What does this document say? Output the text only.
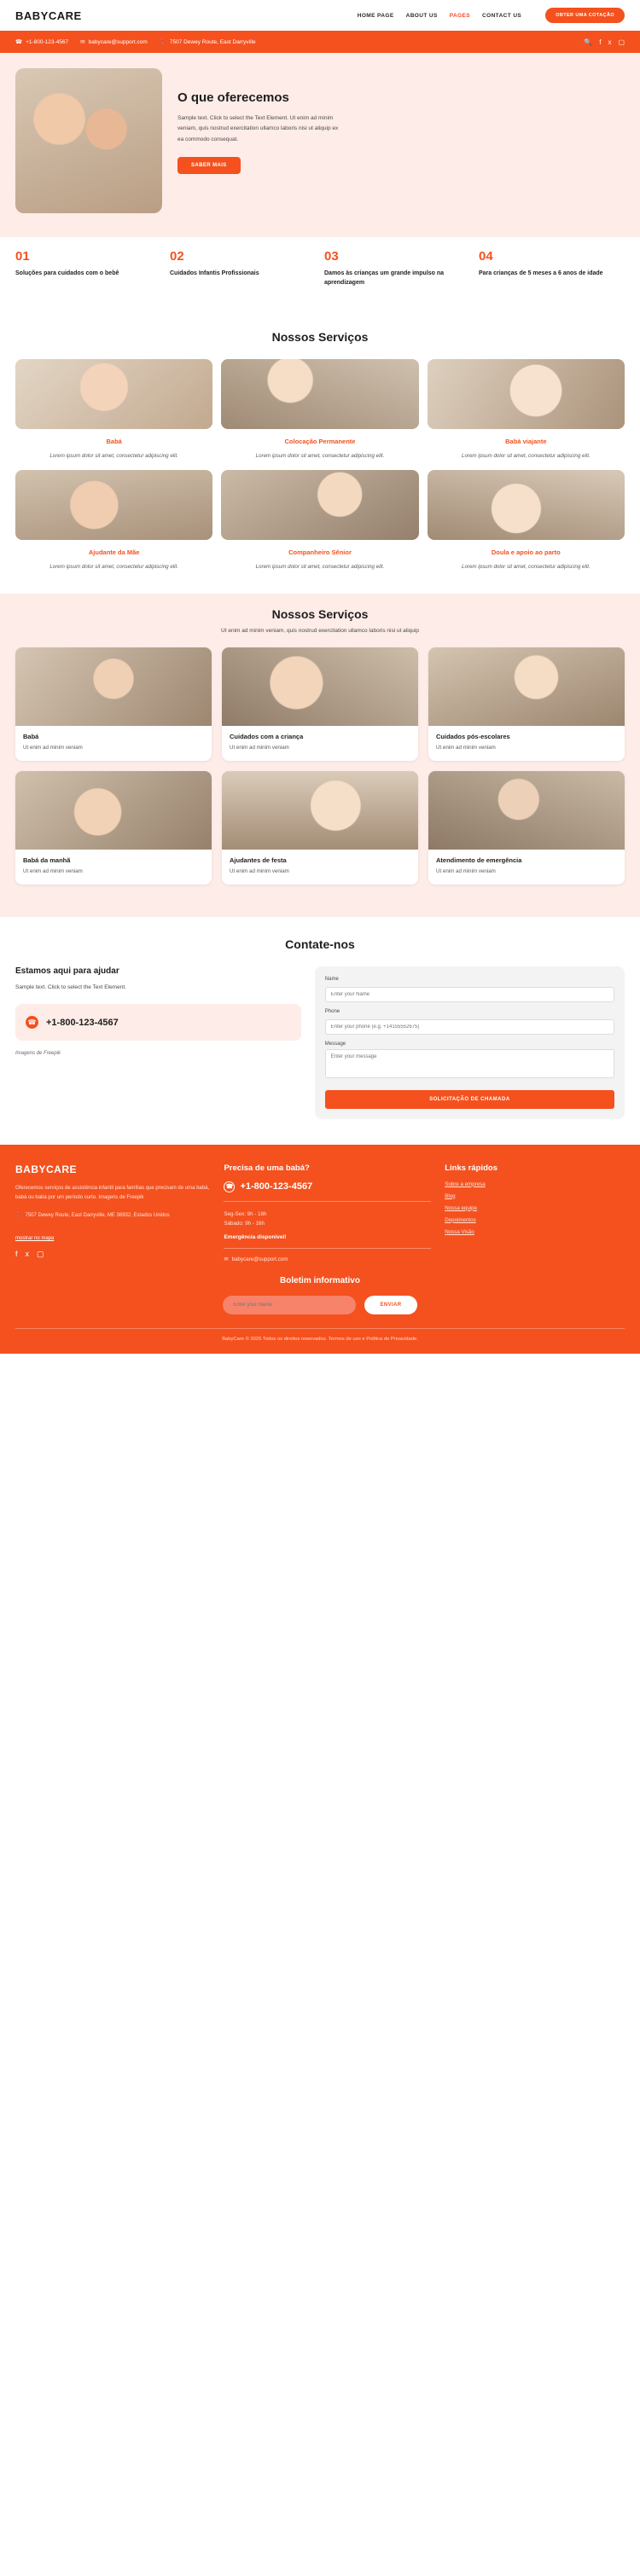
BABYCARE	HOME PAGE ABOUT US PAGES CONTACT US	OBTER UMA COTAÇÃO
☎ +1-800-123-4567 ✉ babycare@support.com 📍 7507 Dewey Route, East Darryville	🔍 f x ▢
O que oferecemos

Sample text. Click to select the Text Element. Ut enim ad minim veniam, quis nostrud exercitation ullamco laboris nisi ut aliquip ex ea commodo consequat.

SABER MAIS
01
Soluções para cuidados com o bebê
02
Cuidados Infantis Profissionais
03
Damos às crianças um grande impulso na aprendizagem
04
Para crianças de 5 meses a 6 anos de idade
Nossos Serviços
Babá
Lorem ipsum dolor sit amet, consectetur adipiscing elit.
Colocação Permanente
Lorem ipsum dolor sit amet, consectetur adipiscing elit.
Babá viajante
Lorem ipsum dolor sit amet, consectetur adipiscing elit.
Ajudante da Mãe
Lorem ipsum dolor sit amet, consectetur adipiscing elit.
Companheiro Sênior
Lorem ipsum dolor sit amet, consectetur adipiscing elit.
Doula e apoio ao parto
Lorem ipsum dolor sit amet, consectetur adipiscing elit.
Nossos Serviços
Ut enim ad minim veniam, quis nostrud exercitation ullamco laboris nisi ut aliquip
Babá
Ut enim ad minim veniam
Cuidados com a criança
Ut enim ad minim veniam
Cuidados pós-escolares
Ut enim ad minim veniam
Babá da manhã
Ut enim ad minim veniam
Ajudantes de festa
Ut enim ad minim veniam
Atendimento de emergência
Ut enim ad minim veniam
Contate-nos
Estamos aqui para ajudar

Sample text. Click to select the Text Element.

☎ +1-800-123-4567
Imagens de Freepik
Name
Enter your Name
Phone
Enter your phone (e.g. +14155552675)
Message
Enter your message SOLICITAÇÃO DE CHAMADA
BABYCARE

Oferecemos serviços de assistência infantil para famílias que precisam de uma babá, babá ou babá por um período curto. Imagens de Freepik

📍 7507 Dewey Route, East Darryville, ME 36932, Estados Unidos
mostrar no mapa
f x ▢
Precisa de uma babá?
☎ +1-800-123-4567
Seg-Sex: 9h - 18h
Sábado: 9h - 16h
Emergência disponível!
✉ babycare@support.com
Links rápidos
Sobre a empresa
Blog
Nossa equipe
Depoimentos
Nossa Visão
Boletim informativo
Enter your Name
ENVIAR
BabyCare © 2025 Todos os direitos reservados. Termos de uso e Política de Privacidade.
